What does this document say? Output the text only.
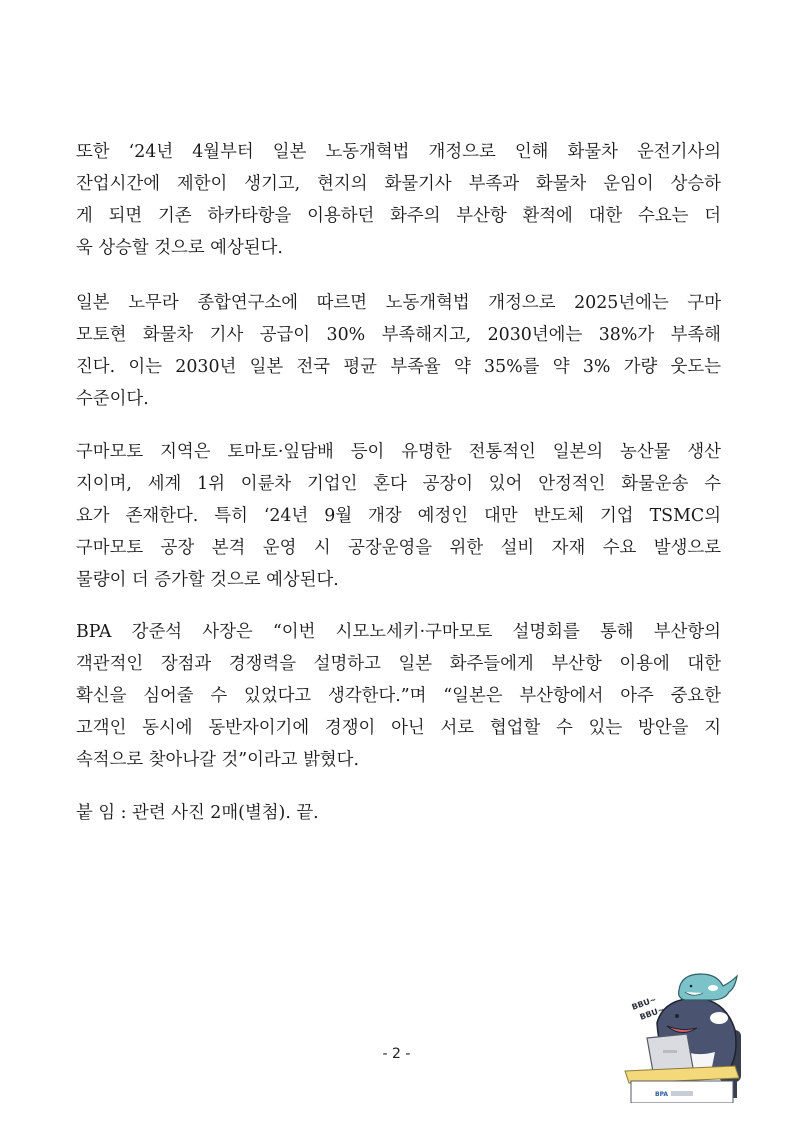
또한 ‘24년 4월부터 일본 노동개혁법 개정으로 인해 화물차 운전기사의
잔업시간에 제한이 생기고, 현지의 화물기사 부족과 화물차 운임이 상승하
게 되면 기존 하카타항을 이용하던 화주의 부산항 환적에 대한 수요는 더
욱 상승할 것으로 예상된다.
일본 노무라 종합연구소에 따르면 노동개혁법 개정으로 2025년에는 구마
모토현 화물차 기사 공급이 30% 부족해지고, 2030년에는 38%가 부족해
진다. 이는 2030년 일본 전국 평균 부족율 약 35%를 약 3% 가량 웃도는
수준이다.
구마모토 지역은 토마토·잎담배 등이 유명한 전통적인 일본의 농산물 생산
지이며, 세계 1위 이륜차 기업인 혼다 공장이 있어 안정적인 화물운송 수
요가 존재한다. 특히 ‘24년 9월 개장 예정인 대만 반도체 기업 TSMC의
구마모토 공장 본격 운영 시 공장운영을 위한 설비 자재 수요 발생으로
물량이 더 증가할 것으로 예상된다.
BPA 강준석 사장은 “이번 시모노세키·구마모토 설명회를 통해 부산항의
객관적인 장점과 경쟁력을 설명하고 일본 화주들에게 부산항 이용에 대한
확신을 심어줄 수 있었다고 생각한다.”며 “일본은 부산항에서 아주 중요한
고객인 동시에 동반자이기에 경쟁이 아닌 서로 협업할 수 있는 방안을 지
속적으로 찾아나갈 것”이라고 밝혔다.
붙 임 : 관련 사진 2매(별첨). 끝.
- 2 -
BBU~
BBU~
BPA
